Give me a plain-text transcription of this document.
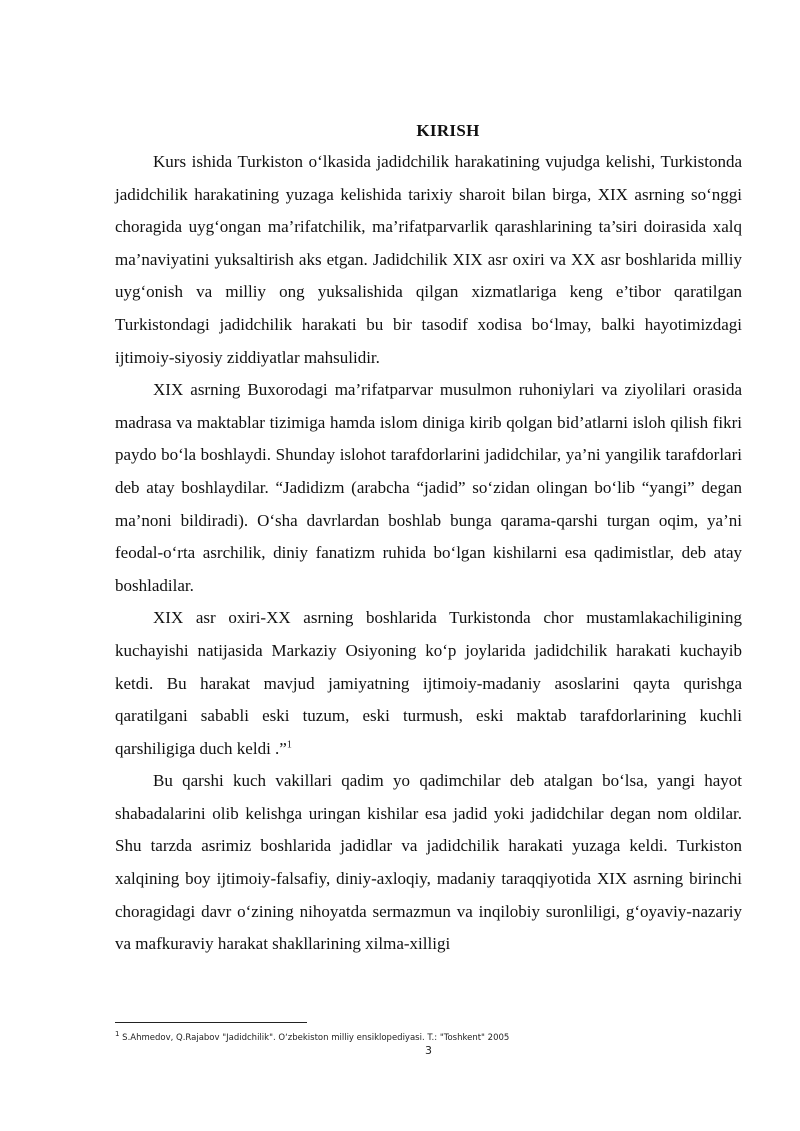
KIRISH

Kurs ishida Turkiston o‘lkasida jadidchilik harakatining vujudga kelishi, Turkistonda jadidchilik harakatining yuzaga kelishida tarixiy sharoit bilan birga, XIX asrning so‘nggi choragida uyg‘ongan ma’rifatchilik, ma’rifatparvarlik qarashlarining ta’siri doirasida xalq ma’naviyatini yuksaltirish aks etgan. Jadidchilik XIX asr oxiri va XX asr boshlarida milliy uyg‘onish va milliy ong yuksalishida qilgan xizmatlariga keng e’tibor qaratilgan Turkistondagi jadidchilik harakati bu bir tasodif xodisa bo‘lmay, balki hayotimizdagi ijtimoiy-siyosiy ziddiyatlar mahsulidir.

XIX asrning Buxorodagi ma’rifatparvar musulmon ruhoniylari va ziyolilari orasida madrasa va maktablar tizimiga hamda islom diniga kirib qolgan bid’atlarni isloh qilish fikri paydo bo‘la boshlaydi. Shunday islohot tarafdorlarini jadidchilar, ya’ni yangilik tarafdorlari deb atay boshlaydilar. “Jadidizm (arabcha “jadid” so‘zidan olingan bo‘lib “yangi” degan ma’noni bildiradi). O‘sha davrlardan boshlab bunga qarama-qarshi turgan oqim, ya’ni feodal-o‘rta asrchilik, diniy fanatizm ruhida bo‘lgan kishilarni esa qadimistlar, deb atay boshladilar.

XIX asr oxiri-XX asrning boshlarida Turkistonda chor mustamlakachiligining kuchayishi natijasida Markaziy Osiyoning ko‘p joylarida jadidchilik harakati kuchayib ketdi. Bu harakat mavjud jamiyatning ijtimoiy-madaniy asoslarini qayta qurishga qaratilgani sababli eski tuzum, eski turmush, eski maktab tarafdorlarining kuchli qarshiligiga duch keldi .”$^1$

Bu qarshi kuch vakillari qadim yo qadimchilar deb atalgan bo‘lsa, yangi hayot shabadalarini olib kelishga uringan kishilar esa jadid yoki jadidchilar degan nom oldilar. Shu tarzda asrimiz boshlarida jadidlar va jadidchilik harakati yuzaga keldi. Turkiston xalqining boy ijtimoiy-falsafiy, diniy-axloqiy, madaniy taraqqiyotida XIX asrning birinchi choragidagi davr o‘zining nihoyatda sermazmun va inqilobiy suronliligi, g‘oyaviy-nazariy va mafkuraviy harakat shakllarining xilma-xilligi

$^1$ S.Ahmedov, Q.Rajabov "Jadidchilik". O‘zbekiston milliy ensiklopediyasi. T.: "Toshkent" 2005
3
